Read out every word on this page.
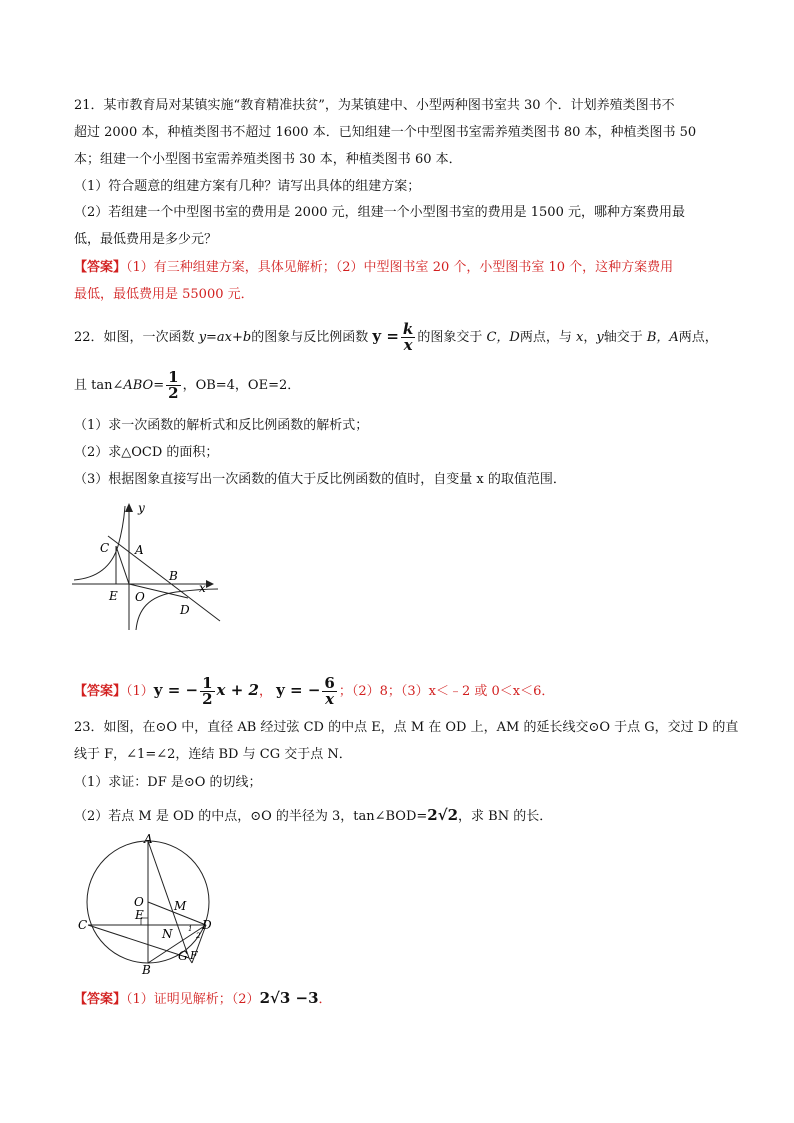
21．某市教育局对某镇实施“教育精准扶贫”，为某镇建中、小型两种图书室共 30 个．计划养殖类图书不
超过 2000 本，种植类图书不超过 1600 本．已知组建一个中型图书室需养殖类图书 80 本，种植类图书 50
本；组建一个小型图书室需养殖类图书 30 本，种植类图书 60 本．
（1）符合题意的组建方案有几种？请写出具体的组建方案；
（2）若组建一个中型图书室的费用是 2000 元，组建一个小型图书室的费用是 1500 元，哪种方案费用最
低，最低费用是多少元？
【答案】（1）有三种组建方案，具体见解析；（2）中型图书室 20 个，小型图书室 10 个，这种方案费用
最低，最低费用是 55000 元．
22．如图，一次函数 y=ax+b的图象与反比例函数 $y = \frac{k}{x}$ 的图象交于 C，D两点，与 x，y轴交于 B，A两点，
且 tan∠ABO= $\frac{1}{2}$ ，OB=4，OE=2．
（1）求一次函数的解析式和反比例函数的解析式；
（2）求△OCD 的面积；
（3）根据图象直接写出一次函数的值大于反比例函数的值时，自变量 x 的取值范围．
x
y
C A
B
E O
D
【答案】（1）y = − $\frac{1}{2}$ x + 2， y = − $\frac{6}{x}$ ；（2）8；（3）x＜﹣2 或 0＜x＜6．
23．如图，在⊙O 中，直径 AB 经过弦 CD 的中点 E，点 M 在 OD 上，AM 的延长线交⊙O 于点 G，交过 D 的直
线于 F，∠1=∠2，连结 BD 与 CG 交于点 N．
（1）求证：DF 是⊙O 的切线；
（2）若点 M 是 OD 的中点，⊙O 的半径为 3，tan∠BOD=2√2，求 BN 的长．
A
O	M
E
C	D
N
G F
B
1
2
【答案】（1）证明见解析；（2）2√3 −3．
